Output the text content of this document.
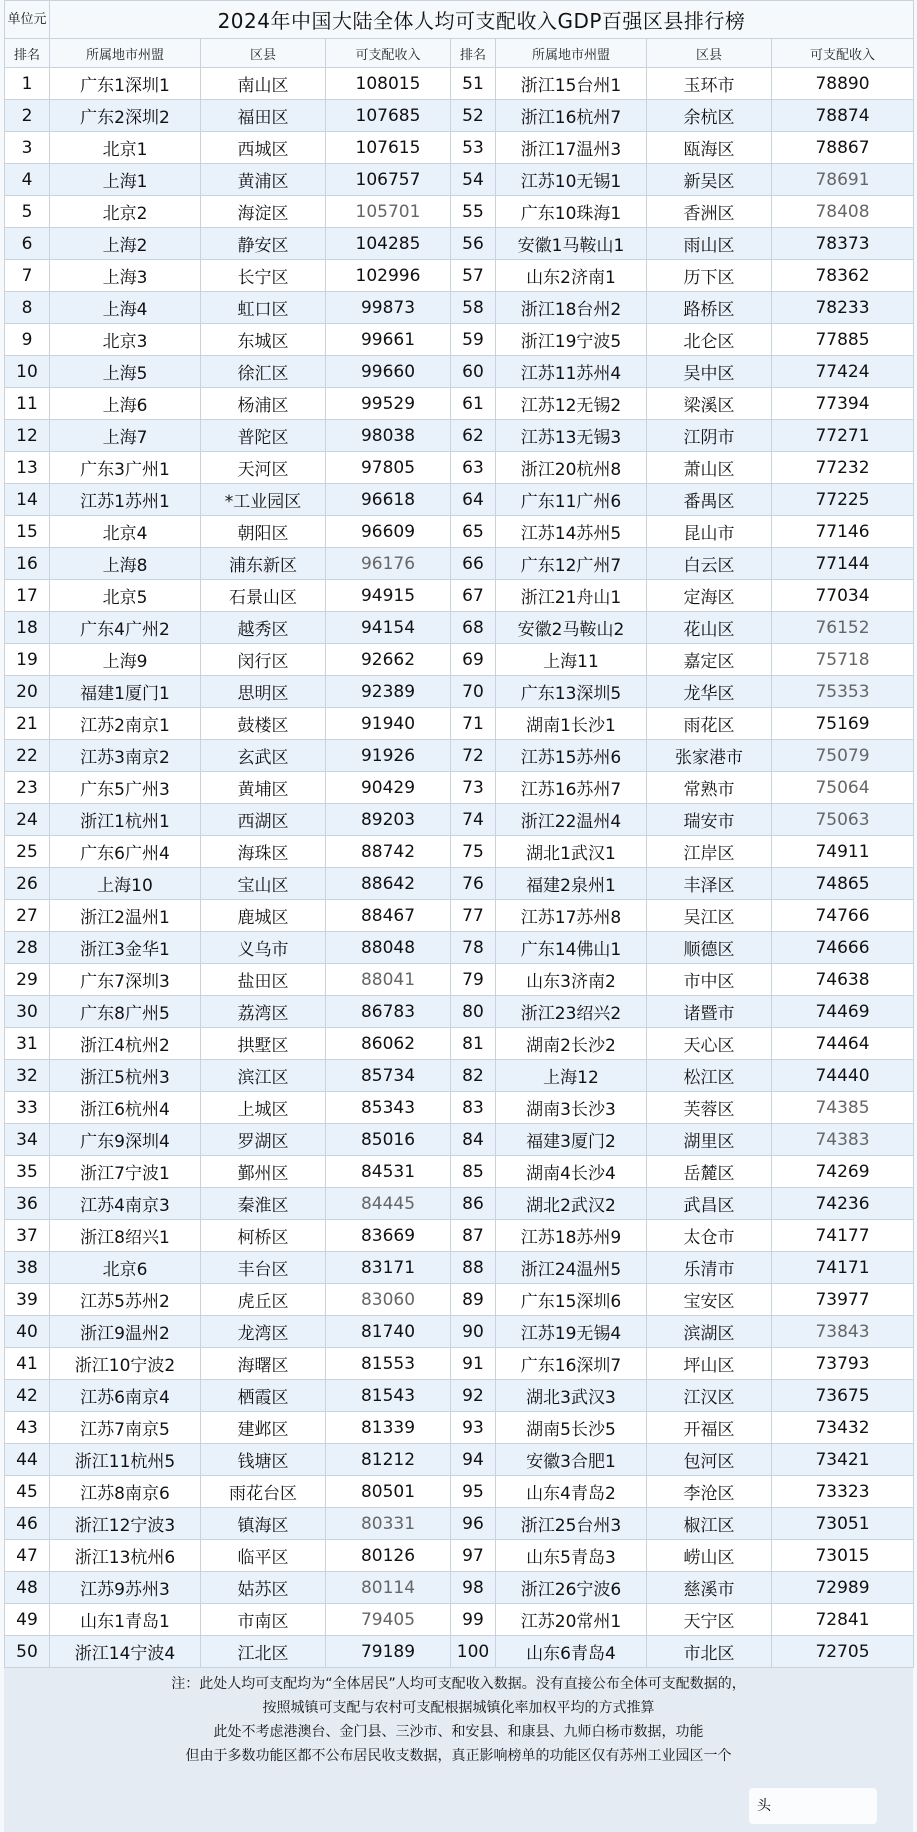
单位元	2024年中国大陆全体人均可支配收入GDP百强区县排行榜						
排名	所属地市州盟	区县	可支配收入	排名	所属地市州盟	区县	可支配收入
1	广东1深圳1	南山区	108015	51	浙江15台州1	玉环市	78890
2	广东2深圳2	福田区	107685	52	浙江16杭州7	余杭区	78874
3	北京1	西城区	107615	53	浙江17温州3	瓯海区	78867
4	上海1	黄浦区	106757	54	江苏10无锡1	新吴区	78691
5	北京2	海淀区	105701	55	广东10珠海1	香洲区	78408
6	上海2	静安区	104285	56	安徽1马鞍山1	雨山区	78373
7	上海3	长宁区	102996	57	山东2济南1	历下区	78362
8	上海4	虹口区	99873	58	浙江18台州2	路桥区	78233
9	北京3	东城区	99661	59	浙江19宁波5	北仑区	77885
10	上海5	徐汇区	99660	60	江苏11苏州4	吴中区	77424
11	上海6	杨浦区	99529	61	江苏12无锡2	梁溪区	77394
12	上海7	普陀区	98038	62	江苏13无锡3	江阴市	77271
13	广东3广州1	天河区	97805	63	浙江20杭州8	萧山区	77232
14	江苏1苏州1	*工业园区	96618	64	广东11广州6	番禺区	77225
15	北京4	朝阳区	96609	65	江苏14苏州5	昆山市	77146
16	上海8	浦东新区	96176	66	广东12广州7	白云区	77144
17	北京5	石景山区	94915	67	浙江21舟山1	定海区	77034
18	广东4广州2	越秀区	94154	68	安徽2马鞍山2	花山区	76152
19	上海9	闵行区	92662	69	上海11	嘉定区	75718
20	福建1厦门1	思明区	92389	70	广东13深圳5	龙华区	75353
21	江苏2南京1	鼓楼区	91940	71	湖南1长沙1	雨花区	75169
22	江苏3南京2	玄武区	91926	72	江苏15苏州6	张家港市	75079
23	广东5广州3	黄埔区	90429	73	江苏16苏州7	常熟市	75064
24	浙江1杭州1	西湖区	89203	74	浙江22温州4	瑞安市	75063
25	广东6广州4	海珠区	88742	75	湖北1武汉1	江岸区	74911
26	上海10	宝山区	88642	76	福建2泉州1	丰泽区	74865
27	浙江2温州1	鹿城区	88467	77	江苏17苏州8	吴江区	74766
28	浙江3金华1	义乌市	88048	78	广东14佛山1	顺德区	74666
29	广东7深圳3	盐田区	88041	79	山东3济南2	市中区	74638
30	广东8广州5	荔湾区	86783	80	浙江23绍兴2	诸暨市	74469
31	浙江4杭州2	拱墅区	86062	81	湖南2长沙2	天心区	74464
32	浙江5杭州3	滨江区	85734	82	上海12	松江区	74440
33	浙江6杭州4	上城区	85343	83	湖南3长沙3	芙蓉区	74385
34	广东9深圳4	罗湖区	85016	84	福建3厦门2	湖里区	74383
35	浙江7宁波1	鄞州区	84531	85	湖南4长沙4	岳麓区	74269
36	江苏4南京3	秦淮区	84445	86	湖北2武汉2	武昌区	74236
37	浙江8绍兴1	柯桥区	83669	87	江苏18苏州9	太仓市	74177
38	北京6	丰台区	83171	88	浙江24温州5	乐清市	74171
39	江苏5苏州2	虎丘区	83060	89	广东15深圳6	宝安区	73977
40	浙江9温州2	龙湾区	81740	90	江苏19无锡4	滨湖区	73843
41	浙江10宁波2	海曙区	81553	91	广东16深圳7	坪山区	73793
42	江苏6南京4	栖霞区	81543	92	湖北3武汉3	江汉区	73675
43	江苏7南京5	建邺区	81339	93	湖南5长沙5	开福区	73432
44	浙江11杭州5	钱塘区	81212	94	安徽3合肥1	包河区	73421
45	江苏8南京6	雨花台区	80501	95	山东4青岛2	李沧区	73323
46	浙江12宁波3	镇海区	80331	96	浙江25台州3	椒江区	73051
47	浙江13杭州6	临平区	80126	97	山东5青岛3	崂山区	73015
48	江苏9苏州3	姑苏区	80114	98	浙江26宁波6	慈溪市	72989
49	山东1青岛1	市南区	79405	99	江苏20常州1	天宁区	72841
50	浙江14宁波4	江北区	79189	100	山东6青岛4	市北区	72705

注：此处人均可支配均为“全体居民”人均可支配收入数据。没有直接公布全体可支配数据的，

按照城镇可支配与农村可支配根据城镇化率加权平均的方式推算

此处不考虑港澳台、金门县、三沙市、和安县、和康县、九师白杨市数据，功能

但由于多数功能区都不公布居民收支数据，真正影响榜单的功能区仅有苏州工业园区一个

头
